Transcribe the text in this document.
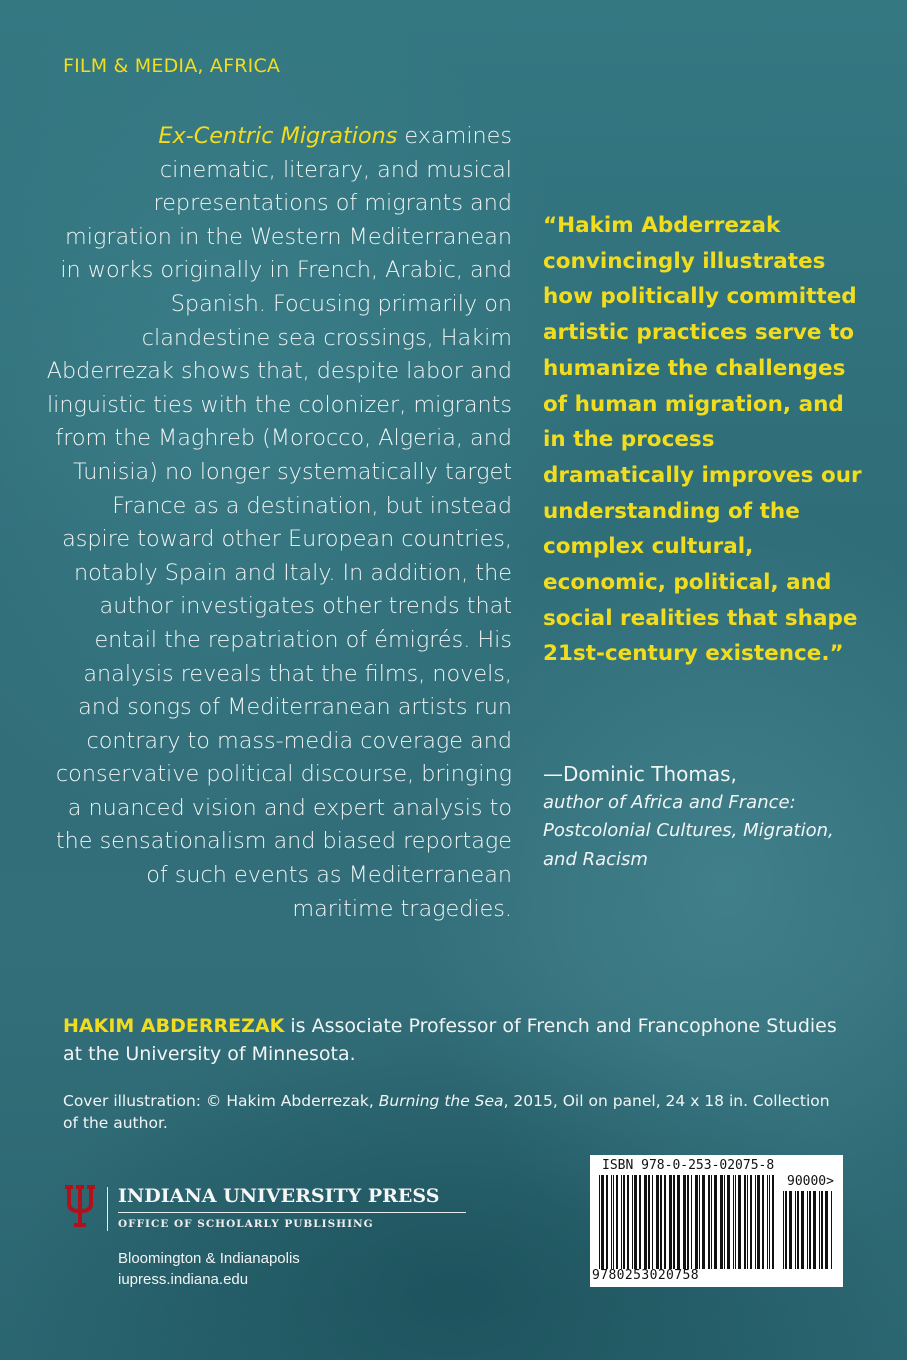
FILM & MEDIA, AFRICA
Ex-Centric Migrations examines cinematic, literary, and musical representations of migrants and migration in the Western Mediterranean in works originally in French, Arabic, and Spanish. Focusing primarily on clandestine sea crossings, Hakim Abderrezak shows that, despite labor and linguistic ties with the colonizer, migrants from the Maghreb (Morocco, Algeria, and Tunisia) no longer systematically target France as a destination, but instead aspire toward other European countries, notably Spain and Italy. In addition, the author investigates other trends that entail the repatriation of émigrés. His analysis reveals that the films, novels, and songs of Mediterranean artists run contrary to mass-media coverage and conservative political discourse, bringing a nuanced vision and expert analysis to the sensationalism and biased reportage of such events as Mediterranean maritime tragedies.
“Hakim Abderrezak convincingly illustrates how politically committed artistic practices serve to humanize the challenges of human migration, and in the process dramatically improves our understanding of the complex cultural, economic, political, and social realities that shape 21st-century existence.”
—Dominic Thomas,
author of Africa and France: Postcolonial Cultures, Migration, and Racism
HAKIM ABDERREZAK is Associate Professor of French and Francophone Studies at the University of Minnesota.
Cover illustration: © Hakim Abderrezak, Burning the Sea, 2015, Oil on panel, 24 x 18 in. Collection of the author.
INDIANA UNIVERSITY PRESS
OFFICE OF SCHOLARLY PUBLISHING
Bloomington & Indianapolis
iupress.indiana.edu
ISBN 978-0-253-02075-8
90000>
9780253020758
